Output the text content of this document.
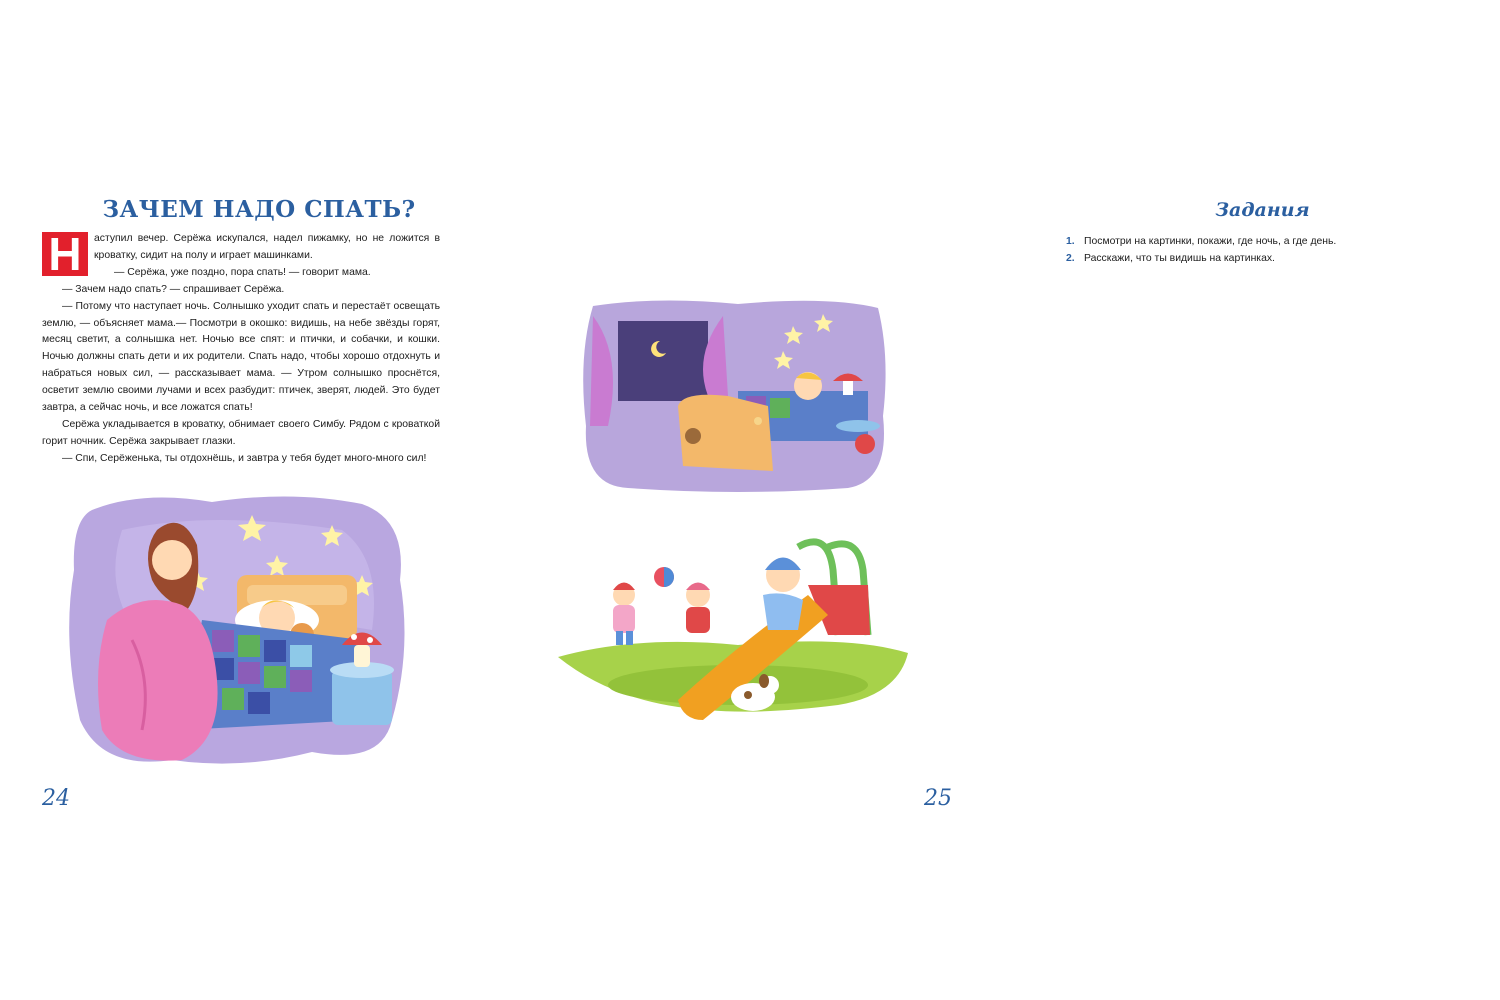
ЗАЧЕМ НАДО СПАТЬ?

Н	аступил вечер. Серёжа искупался, надел пижамку, но не ложится в кроватку, сидит на полу и играет машинками.

— Серёжа, уже поздно, пора спать! — говорит мама.

— Зачем надо спать? — спрашивает Серёжа.

— Потому что наступает ночь. Солнышко уходит спать и перестаёт освещать землю, — объясняет мама.— Посмотри в окошко: видишь, на небе звёзды горят, месяц светит, а солнышка нет. Ночью все спят: и птички, и собачки, и кошки. Ночью должны спать дети и их родители. Спать надо, чтобы хорошо отдохнуть и набраться новых сил, — рассказывает мама. — Утром солнышко проснётся, осветит землю своими лучами и всех разбудит: птичек, зверят, людей. Это будет завтра, а сейчас ночь, и все ложатся спать!

Серёжа укладывается в кроватку, обнимает своего Симбу. Рядом с кроваткой горит ночник. Серёжа закрывает глазки.

— Спи, Серёженька, ты отдохнёшь, и завтра у тебя будет много-много сил!

24
Задания
1. Посмотри на картинки, покажи, где ночь, а где день.
2. Расскажи, что ты видишь на картинках.
25
